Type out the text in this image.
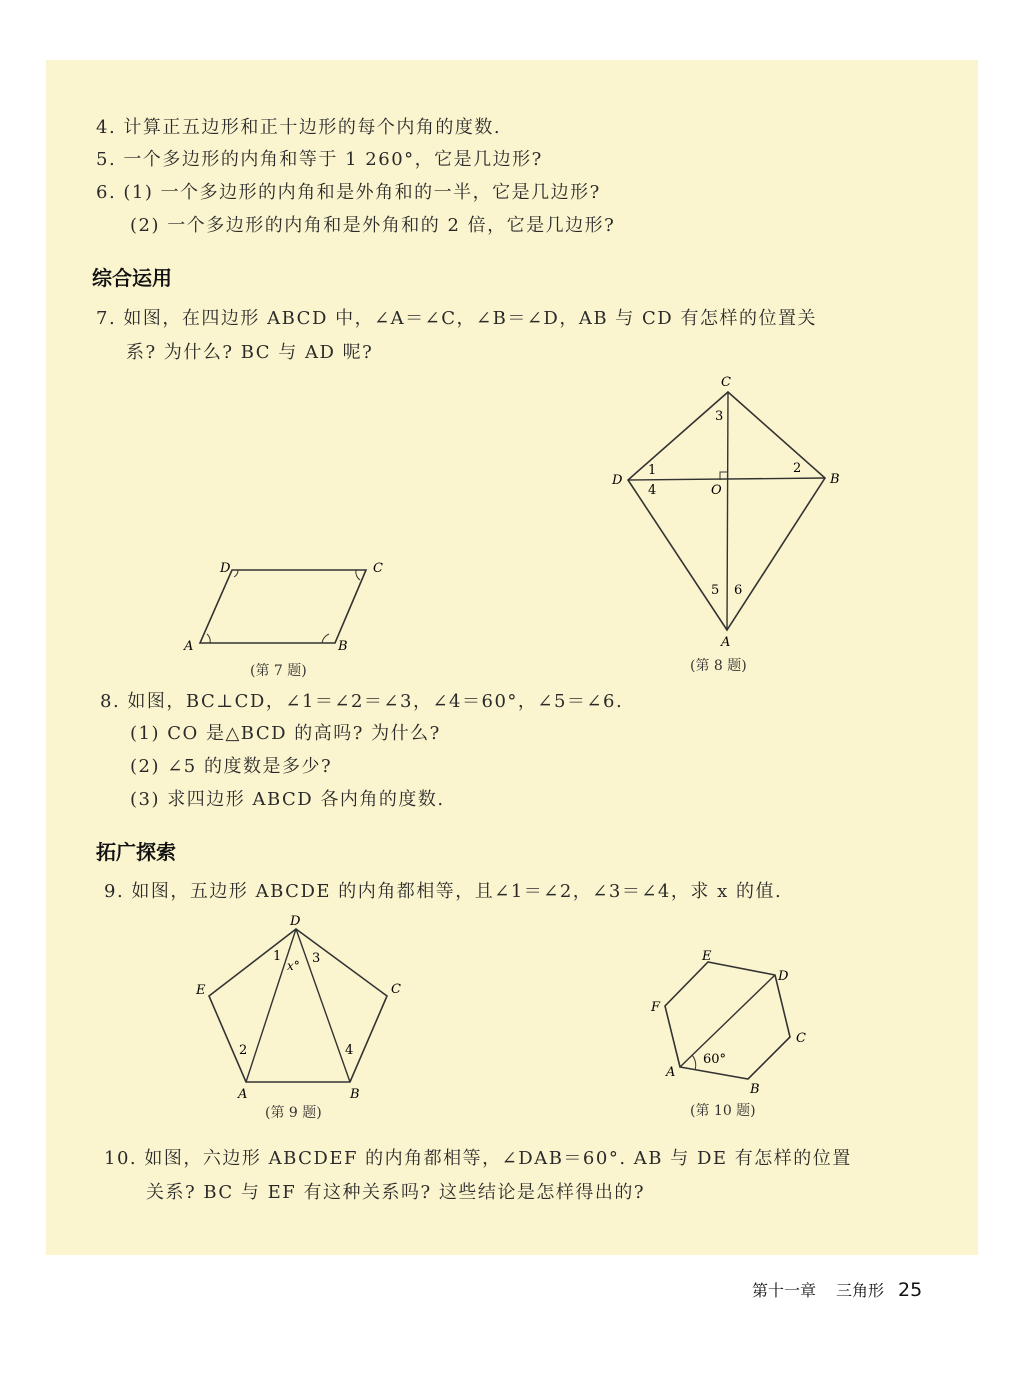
4. 计算正五边形和正十边形的每个内角的度数.
5. 一个多边形的内角和等于 1 260°，它是几边形?
6. (1) 一个多边形的内角和是外角和的一半，它是几边形?
(2) 一个多边形的内角和是外角和的 2 倍，它是几边形?
综合运用
7. 如图，在四边形 ABCD 中，∠A＝∠C，∠B＝∠D，AB 与 CD 有怎样的位置关
系? 为什么? BC 与 AD 呢?
A	B
C
D
(第 7 题)
C
B
D
O
A
1	2
3
4
5 6
(第 8 题)
8. 如图，BC⊥CD，∠1＝∠2＝∠3，∠4＝60°，∠5＝∠6.
(1) CO 是△BCD 的高吗? 为什么?
(2) ∠5 的度数是多少?
(3) 求四边形 ABCD 各内角的度数.
拓广探索
9. 如图，五边形 ABCDE 的内角都相等，且∠1＝∠2，∠3＝∠4，求 x 的值.
D
C
B
A
E
1 3
x°
2	4
(第 9 题)
A
B
C
D
E
F
60°
(第 10 题)
10. 如图，六边形 ABCDEF 的内角都相等，∠DAB＝60°. AB 与 DE 有怎样的位置
关系? BC 与 EF 有这种关系吗? 这些结论是怎样得出的?
第十一章 三角形 25
